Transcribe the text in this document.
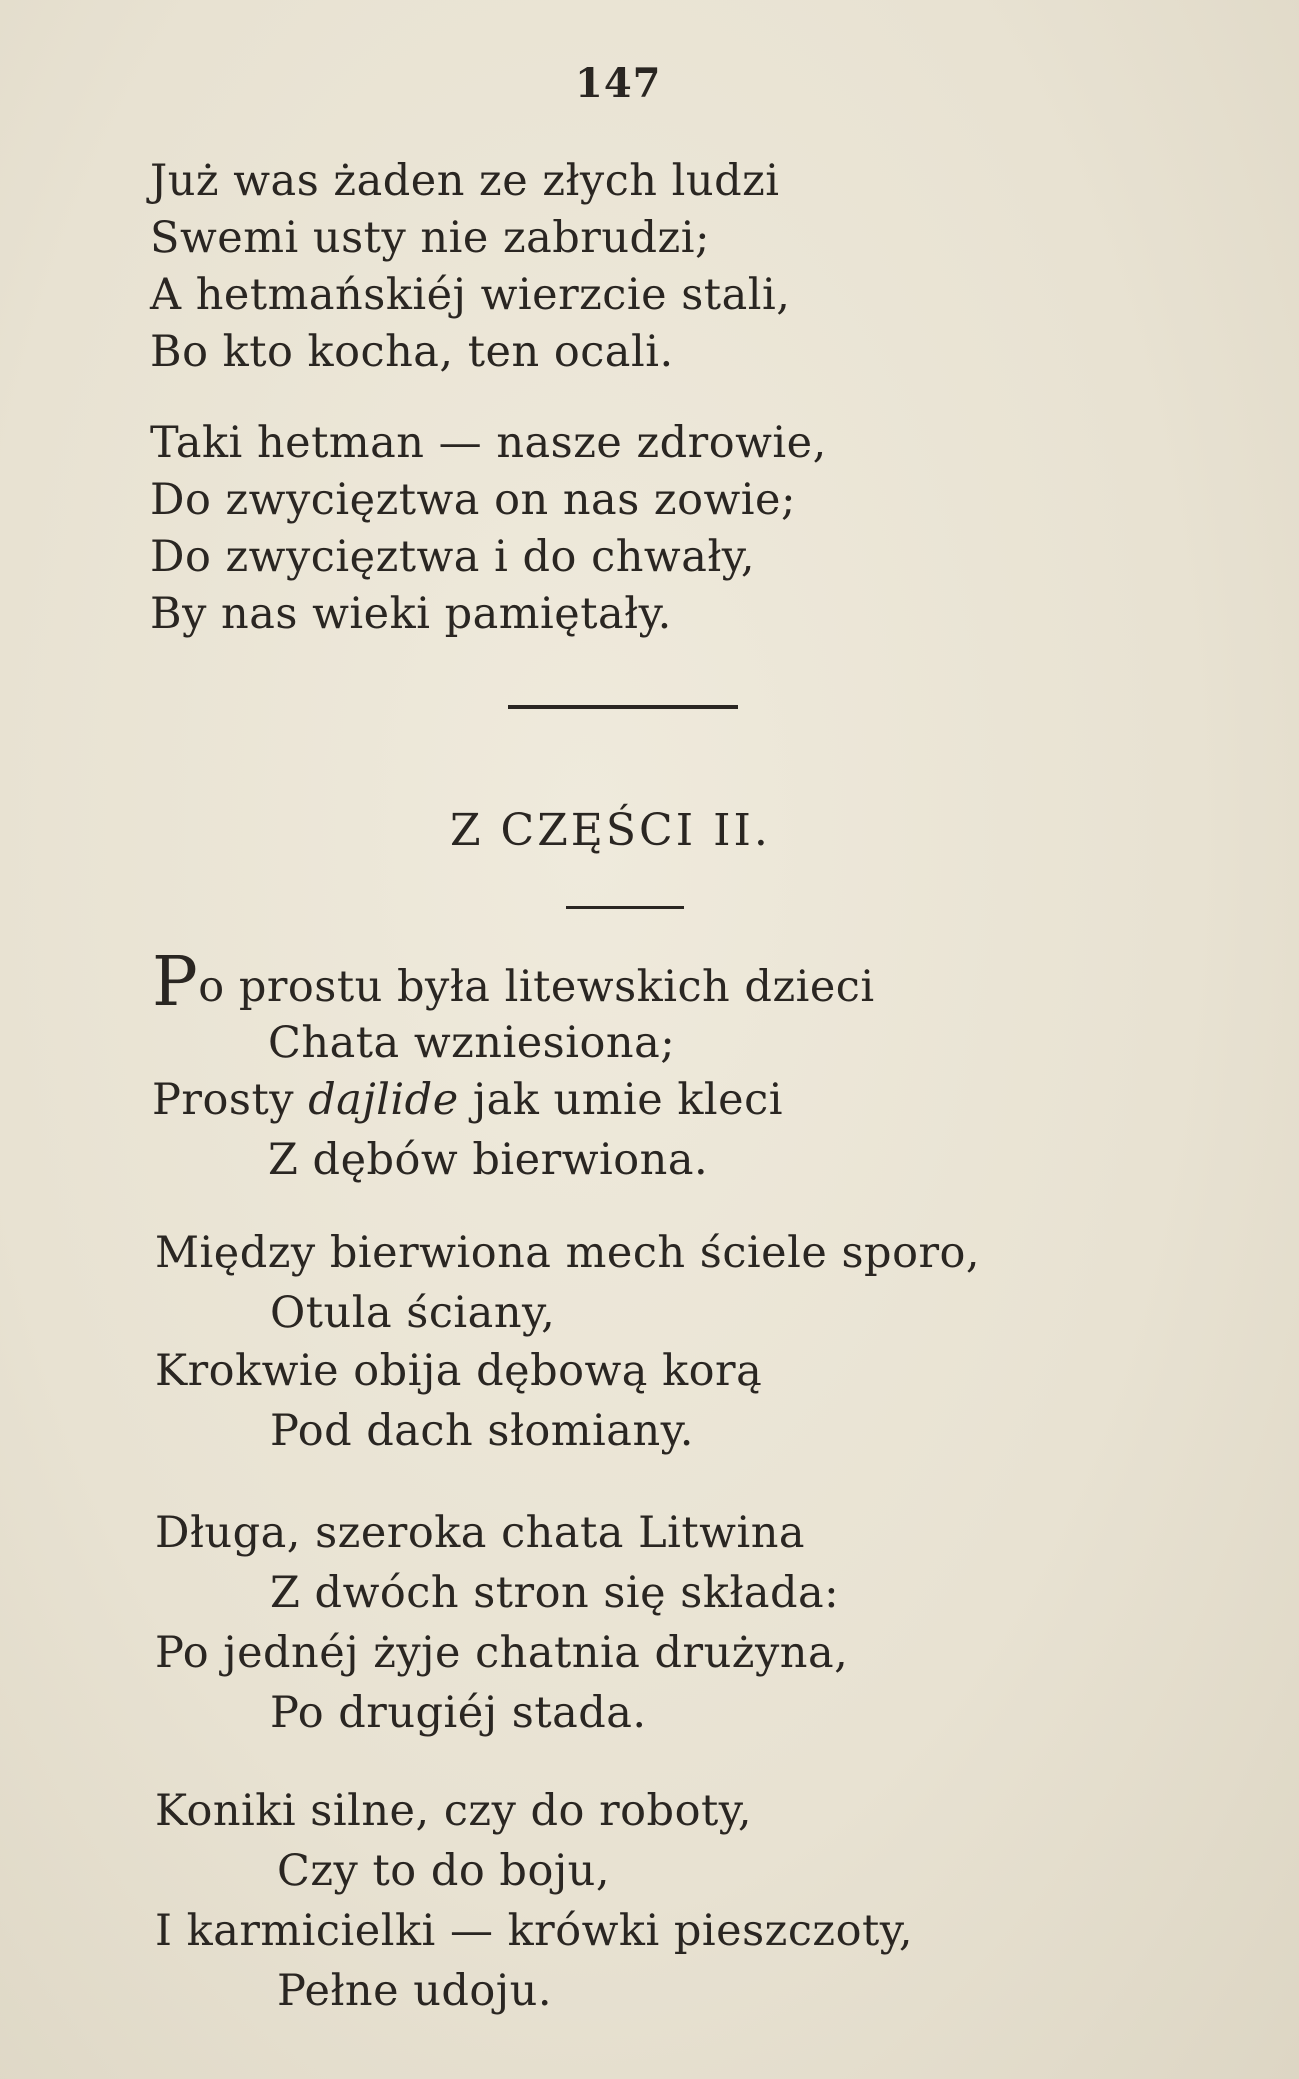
147
Już was żaden ze złych ludzi
Swemi usty nie zabrudzi;
A hetmańskiéj wierzcie stali,
Bo kto kocha, ten ocali.
Taki hetman — nasze zdrowie,
Do zwycięztwa on nas zowie;
Do zwycięztwa i do chwały,
By nas wieki pamiętały.
Z CZĘŚCI II.
Po prostu była litewskich dzieci
Chata wzniesiona;
Prosty dajlide jak umie kleci
Z dębów bierwiona.
Między bierwiona mech ściele sporo,
Otula ściany,
Krokwie obija dębową korą
Pod dach słomiany.
Długa, szeroka chata Litwina
Z dwóch stron się składa:
Po jednéj żyje chatnia drużyna,
Po drugiéj stada.
Koniki silne, czy do roboty,
Czy to do boju,
I karmicielki — krówki pieszczoty,
Pełne udoju.
